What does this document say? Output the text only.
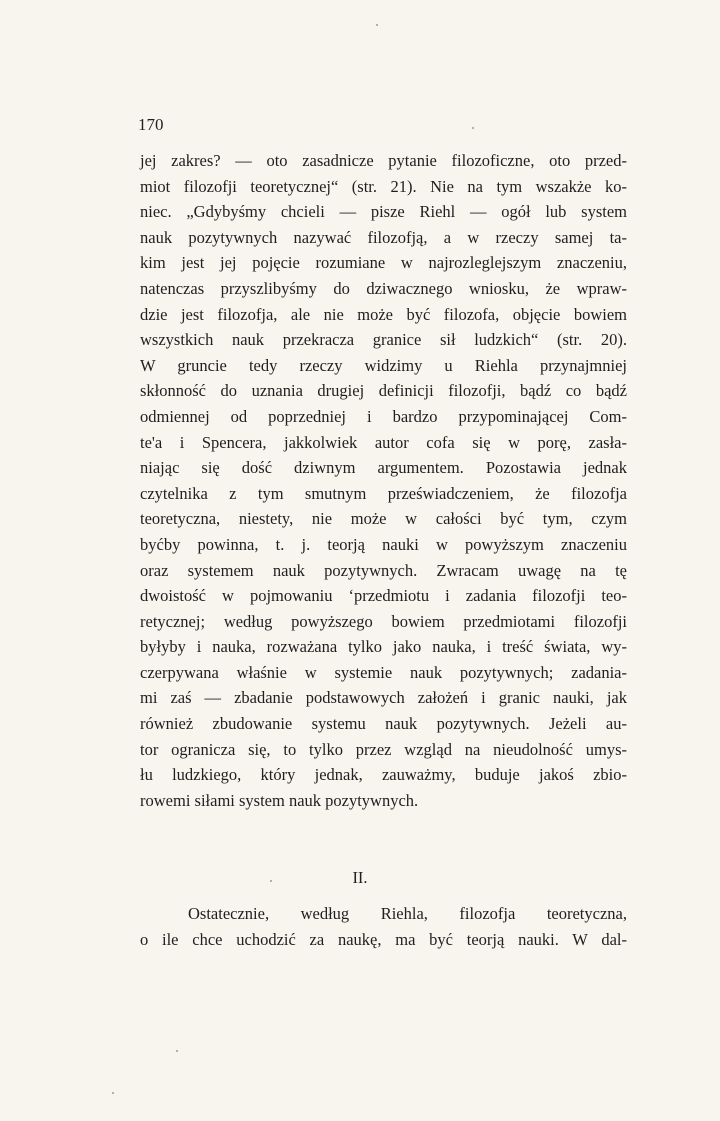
170
jej zakres? — oto zasadnicze pytanie filozoficzne, oto przed-
miot filozofji teoretycznej“ (str. 21). Nie na tym wszakże ko-
niec. „Gdybyśmy chcieli — pisze Riehl — ogół lub system
nauk pozytywnych nazywać filozofją, a w rzeczy samej ta-
kim jest jej pojęcie rozumiane w najrozleglejszym znaczeniu,
natenczas przyszlibyśmy do dziwacznego wniosku, że wpraw-
dzie jest filozofja, ale nie może być filozofa, objęcie bowiem
wszystkich nauk przekracza granice sił ludzkich“ (str. 20).
W gruncie tedy rzeczy widzimy u Riehla przynajmniej
skłonność do uznania drugiej definicji filozofji, bądź co bądź
odmiennej od poprzedniej i bardzo przypominającej Com-
te'a i Spencera, jakkolwiek autor cofa się w porę, zasła-
niając się dość dziwnym argumentem. Pozostawia jednak
czytelnika z tym smutnym przeświadczeniem, że filozofja
teoretyczna, niestety, nie może w całości być tym, czym
byćby powinna, t. j. teorją nauki w powyższym znaczeniu
oraz systemem nauk pozytywnych. Zwracam uwagę na tę
dwoistość w pojmowaniu ‘przedmiotu i zadania filozofji teo-
retycznej; według powyższego bowiem przedmiotami filozofji
byłyby i nauka, rozważana tylko jako nauka, i treść świata, wy-
czerpywana właśnie w systemie nauk pozytywnych; zadania-
mi zaś — zbadanie podstawowych założeń i granic nauki, jak
również zbudowanie systemu nauk pozytywnych. Jeżeli au-
tor ogranicza się, to tylko przez wzgląd na nieudolność umys-
łu ludzkiego, który jednak, zauważmy, buduje jakoś zbio-
rowemi siłami system nauk pozytywnych.
II.
Ostatecznie, według Riehla, filozofja teoretyczna,
o ile chce uchodzić za naukę, ma być teorją nauki. W dal-
